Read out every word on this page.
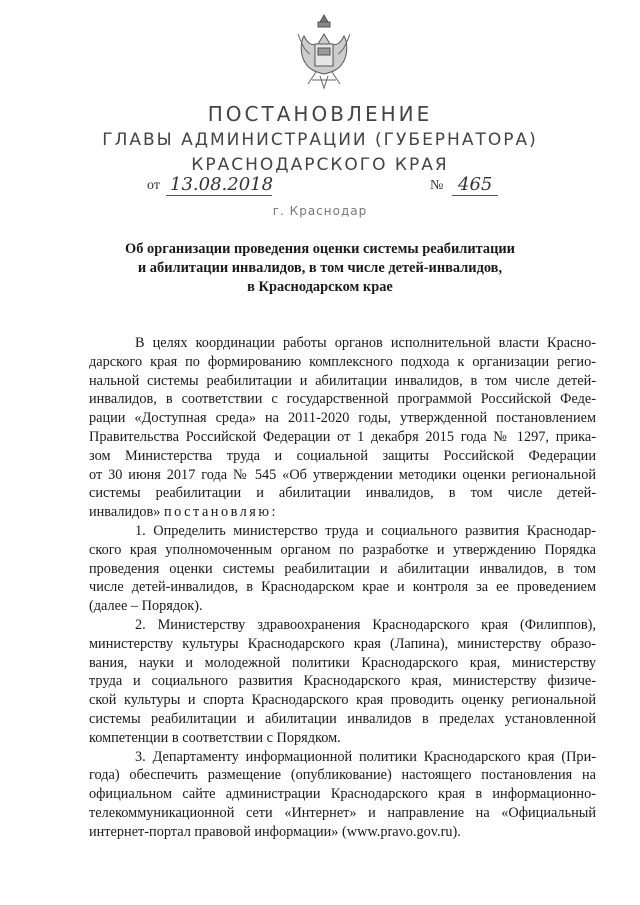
ПОСТАНОВЛЕНИЕ
ГЛАВЫ АДМИНИСТРАЦИИ (ГУБЕРНАТОРА)
КРАСНОДАРСКОГО КРАЯ
от 13.08.2018	№ 465
г. Краснодар
Об организации проведения оценки системы реабилитации
и абилитации инвалидов, в том числе детей-инвалидов,
в Краснодарском крае

В целях координации работы органов исполнительной власти Красно-
дарского края по формированию комплексного подхода к организации регио-
нальной системы реабилитации и абилитации инвалидов, в том числе детей-
инвалидов, в соответствии с государственной программой Российской Феде-
рации «Доступная среда» на 2011-2020 годы, утвержденной постановлением
Правительства Российской Федерации от 1 декабря 2015 года № 1297, прика-
зом Министерства труда и социальной защиты Российской Федерации
от 30 июня 2017 года № 545 «Об утверждении методики оценки региональной
системы реабилитации и абилитации инвалидов, в том числе детей-
инвалидов» постановляю:

1. Определить министерство труда и социального развития Краснодар-
ского края уполномоченным органом по разработке и утверждению Порядка
проведения оценки системы реабилитации и абилитации инвалидов, в том
числе детей-инвалидов, в Краснодарском крае и контроля за ее проведением
(далее – Порядок).

2. Министерству здравоохранения Краснодарского края (Филиппов),
министерству культуры Краснодарского края (Лапина), министерству образо-
вания, науки и молодежной политики Краснодарского края, министерству
труда и социального развития Краснодарского края, министерству физиче-
ской культуры и спорта Краснодарского края проводить оценку региональной
системы реабилитации и абилитации инвалидов в пределах установленной
компетенции в соответствии с Порядком.

3. Департаменту информационной политики Краснодарского края (При-
года) обеспечить размещение (опубликование) настоящего постановления на
официальном сайте администрации Краснодарского края в информационно-
телекоммуникационной сети «Интернет» и направление на «Официальный
интернет-портал правовой информации» (www.pravo.gov.ru).
